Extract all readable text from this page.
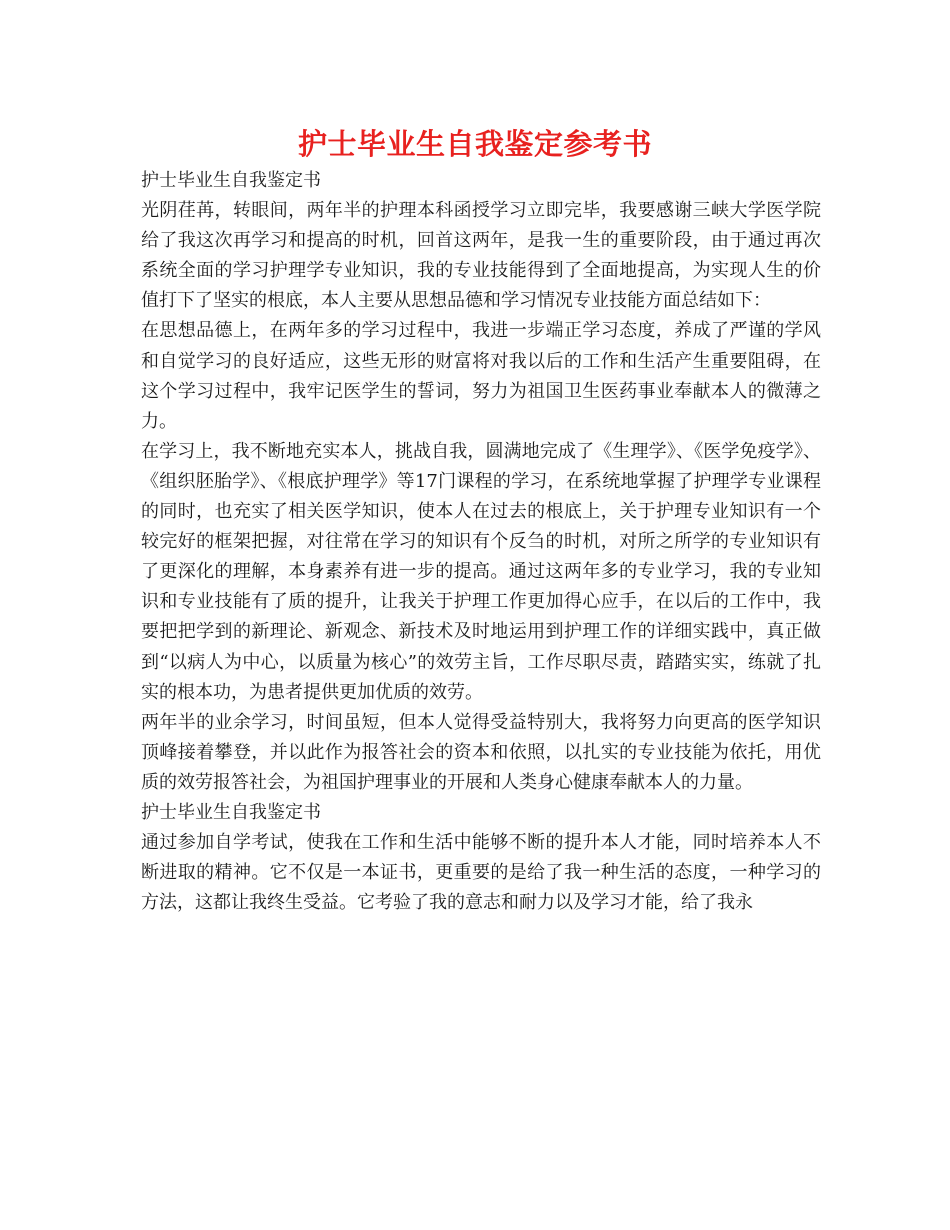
护士毕业生自我鉴定参考书

护士毕业生自我鉴定书

光阴荏苒，转眼间，两年半的护理本科函授学习立即完毕，我要感谢三峡大学医学院给了我这次再学习和提高的时机，回首这两年，是我一生的重要阶段，由于通过再次系统全面的学习护理学专业知识，我的专业技能得到了全面地提高，为实现人生的价值打下了坚实的根底，本人主要从思想品德和学习情况专业技能方面总结如下：

在思想品德上，在两年多的学习过程中，我进一步端正学习态度，养成了严谨的学风和自觉学习的良好适应，这些无形的财富将对我以后的工作和生活产生重要阻碍，在这个学习过程中，我牢记医学生的誓词，努力为祖国卫生医药事业奉献本人的微薄之力。

在学习上，我不断地充实本人，挑战自我，圆满地完成了《生理学》、《医学免疫学》、《组织胚胎学》、《根底护理学》等17门课程的学习，在系统地掌握了护理学专业课程的同时，也充实了相关医学知识，使本人在过去的根底上，关于护理专业知识有一个较完好的框架把握，对往常在学习的知识有个反刍的时机，对所之所学的专业知识有了更深化的理解，本身素养有进一步的提高。通过这两年多的专业学习，我的专业知识和专业技能有了质的提升，让我关于护理工作更加得心应手，在以后的工作中，我要把把学到的新理论、新观念、新技术及时地运用到护理工作的详细实践中，真正做到“以病人为中心，以质量为核心”的效劳主旨，工作尽职尽责，踏踏实实，练就了扎实的根本功，为患者提供更加优质的效劳。

两年半的业余学习，时间虽短，但本人觉得受益特别大，我将努力向更高的医学知识顶峰接着攀登，并以此作为报答社会的资本和依照，以扎实的专业技能为依托，用优质的效劳报答社会，为祖国护理事业的开展和人类身心健康奉献本人的力量。

护士毕业生自我鉴定书

通过参加自学考试，使我在工作和生活中能够不断的提升本人才能，同时培养本人不断进取的精神。它不仅是一本证书，更重要的是给了我一种生活的态度，一种学习的方法，这都让我终生受益。它考验了我的意志和耐力以及学习才能，给了我永
